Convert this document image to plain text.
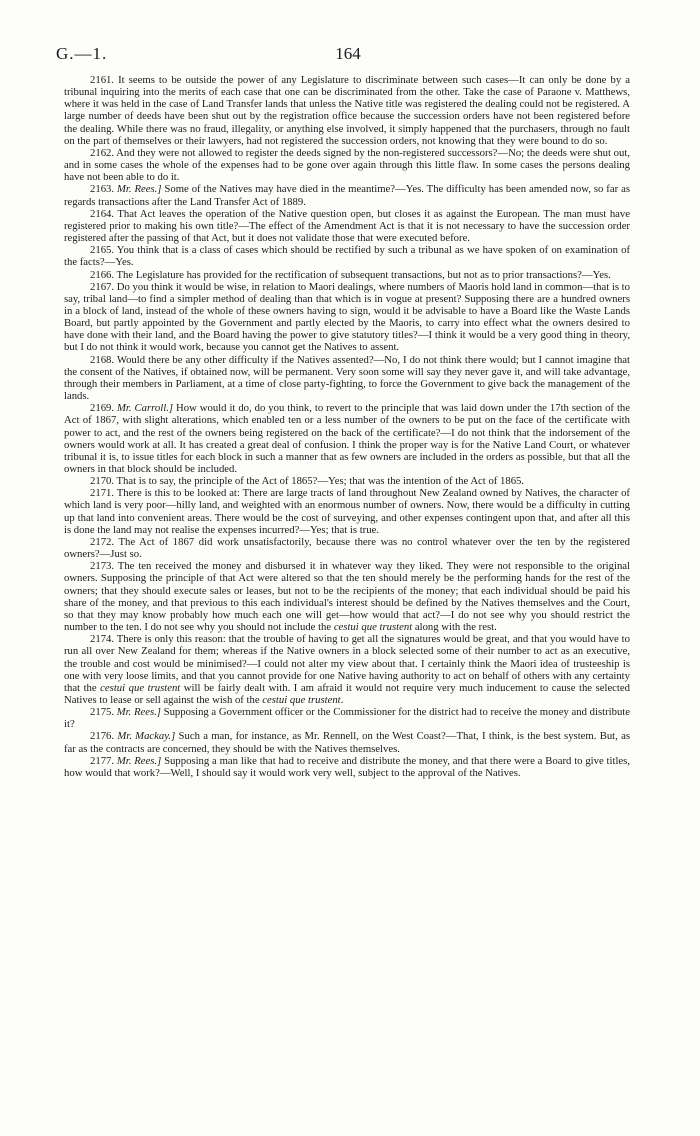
G.—1.	164

2161. It seems to be outside the power of any Legislature to discriminate between such cases—It can only be done by a tribunal inquiring into the merits of each case that one can be discriminated from the other. Take the case of Paraone v. Matthews, where it was held in the case of Land Transfer lands that unless the Native title was registered the dealing could not be registered. A large number of deeds have been shut out by the registration office because the succession orders have not been registered before the dealing. While there was no fraud, illegality, or anything else involved, it simply happened that the purchasers, through no fault on the part of themselves or their lawyers, had not registered the succession orders, not knowing that they were bound to do so.

2162. And they were not allowed to register the deeds signed by the non-registered successors?—No; the deeds were shut out, and in some cases the whole of the expenses had to be gone over again through this little flaw. In some cases the persons dealing have not been able to do it.

2163. Mr. Rees.] Some of the Natives may have died in the meantime?—Yes. The difficulty has been amended now, so far as regards transactions after the Land Transfer Act of 1889.

2164. That Act leaves the operation of the Native question open, but closes it as against the European. The man must have registered prior to making his own title?—The effect of the Amendment Act is that it is not necessary to have the succession order registered after the passing of that Act, but it does not validate those that were executed before.

2165. You think that is a class of cases which should be rectified by such a tribunal as we have spoken of on examination of the facts?—Yes.

2166. The Legislature has provided for the rectification of subsequent transactions, but not as to prior transactions?—Yes.

2167. Do you think it would be wise, in relation to Maori dealings, where numbers of Maoris hold land in common—that is to say, tribal land—to find a simpler method of dealing than that which is in vogue at present? Supposing there are a hundred owners in a block of land, instead of the whole of these owners having to sign, would it be advisable to have a Board like the Waste Lands Board, but partly appointed by the Government and partly elected by the Maoris, to carry into effect what the owners desired to have done with their land, and the Board having the power to give statutory titles?—I think it would be a very good thing in theory, but I do not think it would work, because you cannot get the Natives to assent.

2168. Would there be any other difficulty if the Natives assented?—No, I do not think there would; but I cannot imagine that the consent of the Natives, if obtained now, will be permanent. Very soon some will say they never gave it, and will take advantage, through their members in Parliament, at a time of close party-fighting, to force the Government to give back the management of the lands.

2169. Mr. Carroll.] How would it do, do you think, to revert to the principle that was laid down under the 17th section of the Act of 1867, with slight alterations, which enabled ten or a less number of the owners to be put on the face of the certificate with power to act, and the rest of the owners being registered on the back of the certificate?—I do not think that the indorsement of the owners would work at all. It has created a great deal of confusion. I think the proper way is for the Native Land Court, or whatever tribunal it is, to issue titles for each block in such a manner that as few owners are included in the orders as possible, but that all the owners in that block should be included.

2170. That is to say, the principle of the Act of 1865?—Yes; that was the intention of the Act of 1865.

2171. There is this to be looked at: There are large tracts of land throughout New Zealand owned by Natives, the character of which land is very poor—hilly land, and weighted with an enormous number of owners. Now, there would be a difficulty in cutting up that land into convenient areas. There would be the cost of surveying, and other expenses contingent upon that, and after all this is done the land may not realise the expenses incurred?—Yes; that is true.

2172. The Act of 1867 did work unsatisfactorily, because there was no control whatever over the ten by the registered owners?—Just so.

2173. The ten received the money and disbursed it in whatever way they liked. They were not responsible to the original owners. Supposing the principle of that Act were altered so that the ten should merely be the performing hands for the rest of the owners; that they should execute sales or leases, but not to be the recipients of the money; that each individual should be paid his share of the money, and that previous to this each individual's interest should be defined by the Natives themselves and the Court, so that they may know probably how much each one will get—how would that act?—I do not see why you should restrict the number to the ten. I do not see why you should not include the cestui que trustent along with the rest.

2174. There is only this reason: that the trouble of having to get all the signatures would be great, and that you would have to run all over New Zealand for them; whereas if the Native owners in a block selected some of their number to act as an executive, the trouble and cost would be minimised?—I could not alter my view about that. I certainly think the Maori idea of trusteeship is one with very loose limits, and that you cannot provide for one Native having authority to act on behalf of others with any certainty that the cestui que trustent will be fairly dealt with. I am afraid it would not require very much inducement to cause the selected Natives to lease or sell against the wish of the cestui que trustent.

2175. Mr. Rees.] Supposing a Government officer or the Commissioner for the district had to receive the money and distribute it?

2176. Mr. Mackay.] Such a man, for instance, as Mr. Rennell, on the West Coast?—That, I think, is the best system. But, as far as the contracts are concerned, they should be with the Natives themselves.

2177. Mr. Rees.] Supposing a man like that had to receive and distribute the money, and that there were a Board to give titles, how would that work?—Well, I should say it would work very well, subject to the approval of the Natives.
